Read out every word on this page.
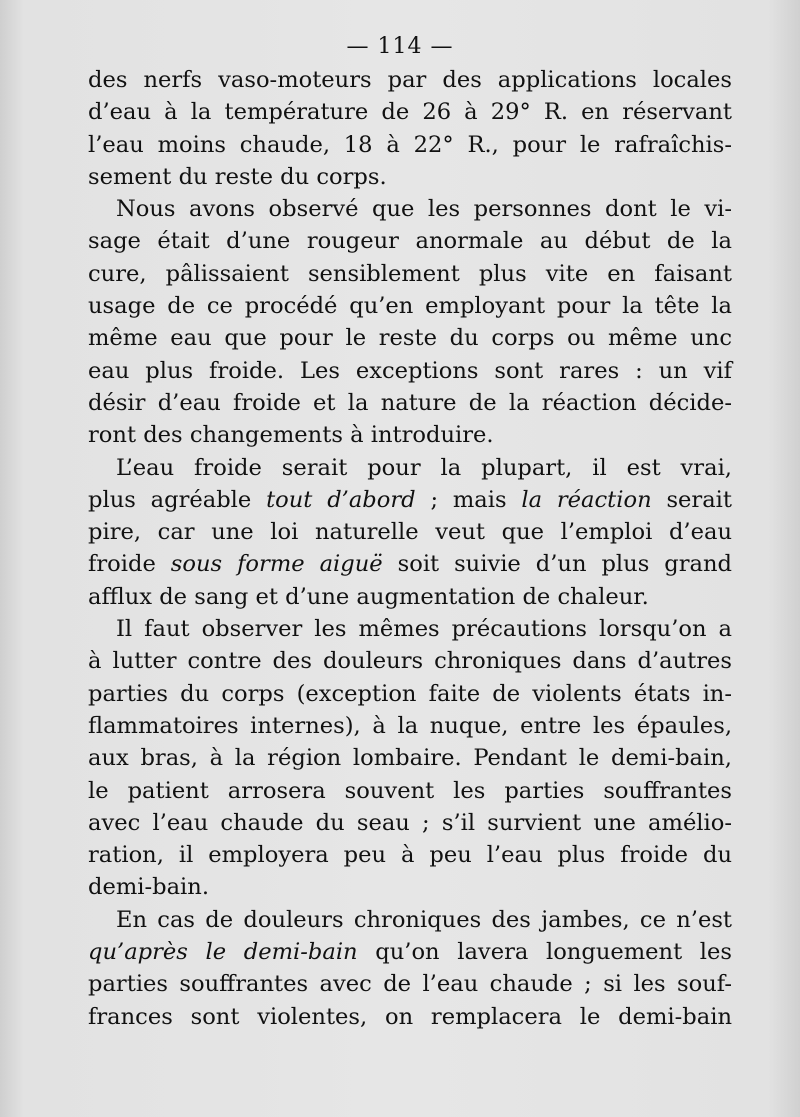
— 114 —
des nerfs vaso-moteurs par des applications locales
d’eau à la température de 26 à 29° R. en réservant
l’eau moins chaude, 18 à 22° R., pour le rafraîchis-
sement du reste du corps.
Nous avons observé que les personnes dont le vi-
sage était d’une rougeur anormale au début de la
cure, pâlissaient sensiblement plus vite en faisant
usage de ce procédé qu’en employant pour la tête la
même eau que pour le reste du corps ou même unc
eau plus froide. Les exceptions sont rares : un vif
désir d’eau froide et la nature de la réaction décide-
ront des changements à introduire.
L’eau froide serait pour la plupart, il est vrai,
plus agréable tout d’abord ; mais la réaction serait
pire, car une loi naturelle veut que l’emploi d’eau
froide sous forme aiguë soit suivie d’un plus grand
afflux de sang et d’une augmentation de chaleur.
Il faut observer les mêmes précautions lorsqu’on a
à lutter contre des douleurs chroniques dans d’autres
parties du corps (exception faite de violents états in-
flammatoires internes), à la nuque, entre les épaules,
aux bras, à la région lombaire. Pendant le demi-bain,
le patient arrosera souvent les parties souffrantes
avec l’eau chaude du seau ; s’il survient une amélio-
ration, il employera peu à peu l’eau plus froide du
demi-bain.
En cas de douleurs chroniques des jambes, ce n’est
qu’après le demi-bain qu’on lavera longuement les
parties souffrantes avec de l’eau chaude ; si les souf-
frances sont violentes, on remplacera le demi-bain
